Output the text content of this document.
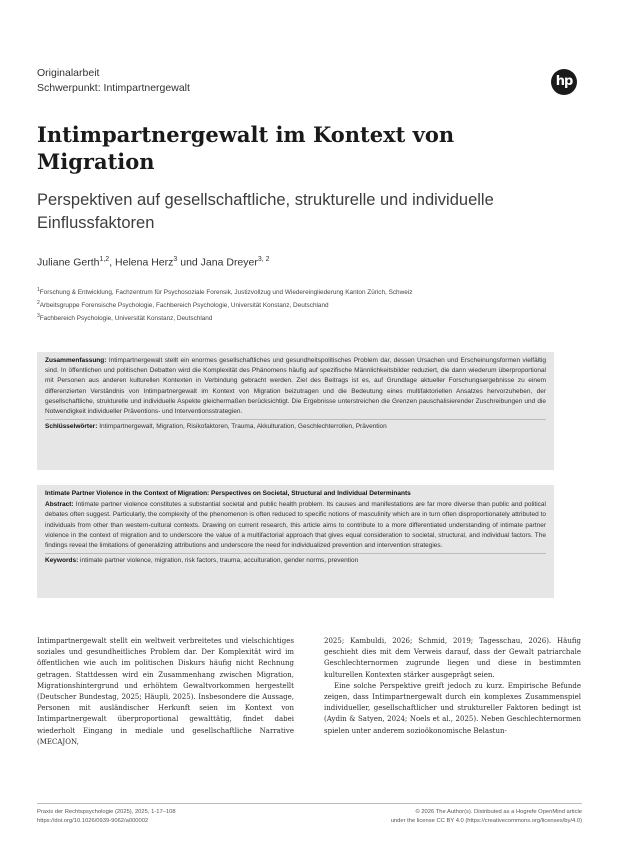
Originalarbeit
Schwerpunkt: Intimpartnergewalt	hp
Intimpartnergewalt im Kontext von Migration
Perspektiven auf gesellschaftliche, strukturelle und individuelle Einflussfaktoren
Juliane Gerth$^{1,2}$, Helena Herz$^3$ und Jana Dreyer$^{3, 2}$
$^1$Forschung & Entwicklung, Fachzentrum für Psychosoziale Forensik, Justizvollzug und Wiedereingliederung Kanton Zürich, Schweiz
$^2$Arbeitsgruppe Forensische Psychologie, Fachbereich Psychologie, Universität Konstanz, Deutschland
$^3$Fachbereich Psychologie, Universität Konstanz, Deutschland
Zusammenfassung: Intimpartnergewalt stellt ein enormes gesellschaftliches und gesundheitspolitisches Problem dar, dessen Ursachen und Erscheinungsformen vielfältig sind. In öffentlichen und politischen Debatten wird die Komplexität des Phänomens häufig auf spezifische Männlichkeitsbilder reduziert, die dann wiederum überproportional mit Personen aus anderen kulturellen Kontexten in Verbindung gebracht werden. Ziel des Beitrags ist es, auf Grundlage aktueller Forschungsergebnisse zu einem differenzierten Verständnis von Intimpartnergewalt im Kontext von Migration beizutragen und die Bedeutung eines multifaktoriellen Ansatzes hervorzuheben, der gesellschaftliche, strukturelle und individuelle Aspekte gleichermaßen berücksichtigt. Die Ergebnisse unterstreichen die Grenzen pauschalisierender Zuschreibungen und die Notwendigkeit individueller Präventions- und Interventionsstrategien.
Schlüsselwörter: Intimpartnergewalt, Migration, Risikofaktoren, Trauma, Akkulturation, Geschlechterrollen, Prävention
Intimate Partner Violence in the Context of Migration: Perspectives on Societal, Structural and Individual Determinants
Abstract: Intimate partner violence constitutes a substantial societal and public health problem. Its causes and manifestations are far more diverse than public and political debates often suggest. Particularly, the complexity of the phenomenon is often reduced to specific notions of masculinity which are in turn often disproportionately attributed to individuals from other than western-cultural contexts. Drawing on current research, this article aims to contribute to a more differentiated understanding of intimate partner violence in the context of migration and to underscore the value of a multifactorial approach that gives equal consideration to societal, structural, and individual factors. The findings reveal the limitations of generalizing attributions and underscore the need for individualized prevention and intervention strategies.
Keywords: intimate partner violence, migration, risk factors, trauma, acculturation, gender norms, prevention

Intimpartnergewalt stellt ein weltweit verbreitetes und vielschichtiges soziales und gesundheitliches Problem dar. Der Komplexität wird im öffentlichen wie auch im politischen Diskurs häufig nicht Rechnung getragen. Stattdessen wird ein Zusammenhang zwischen Migration, Migrationshintergrund und erhöhtem Gewaltvorkommen hergestellt (Deutscher Bundestag, 2025; Häupli, 2025). Insbesondere die Aussage, Personen mit ausländischer Herkunft seien im Kontext von Intimpartnergewalt überproportional gewalttätig, findet dabei wiederholt Eingang in mediale und gesellschaftliche Narrative (MECAJON,

2025; Kambuldi, 2026; Schmid, 2019; Tagesschau, 2026). Häufig geschieht dies mit dem Verweis darauf, dass der Gewalt patriarchale Geschlechternormen zugrunde liegen und diese in bestimmten kulturellen Kontexten stärker ausgeprägt seien.

Eine solche Perspektive greift jedoch zu kurz. Empirische Befunde zeigen, dass Intimpartnergewalt durch ein komplexes Zusammenspiel individueller, gesellschaftlicher und struktureller Faktoren bedingt ist (Aydin & Satyen, 2024; Noels et al., 2025). Neben Geschlechternormen spielen unter anderem sozioökonomische Belastun-

Praxis der Rechtspsychologie (2025), 2025, 1-17–108
https://doi.org/10.1026/0939-9062/a000002
© 2026 The Author(s). Distributed as a Hogrefe OpenMind article
under the license CC BY 4.0 (https://creativecommons.org/licenses/by/4.0)
